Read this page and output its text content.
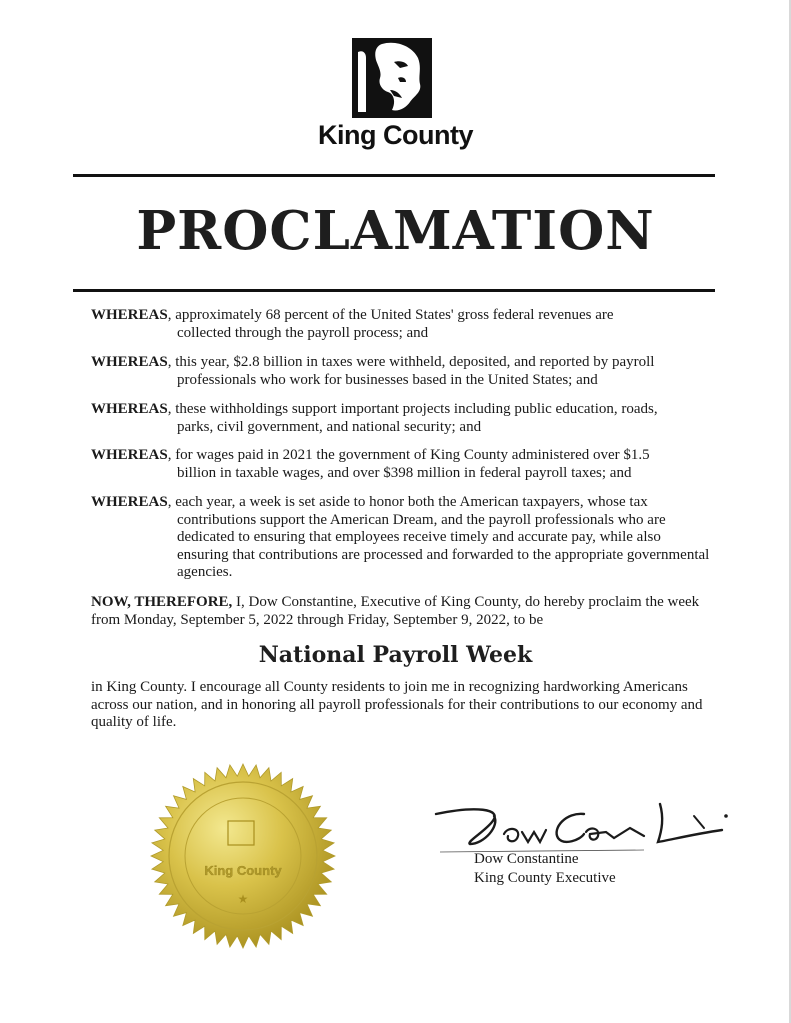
King County
PROCLAMATION
WHEREAS, approximately 68 percent of the United States' gross federal revenues are
collected through the payroll process; and
WHEREAS, this year, $2.8 billion in taxes were withheld, deposited, and reported by payroll
professionals who work for businesses based in the United States; and
WHEREAS, these withholdings support important projects including public education, roads,
parks, civil government, and national security; and
WHEREAS, for wages paid in 2021 the government of King County administered over $1.5
billion in taxable wages, and over $398 million in federal payroll taxes; and
WHEREAS, each year, a week is set aside to honor both the American taxpayers, whose tax
contributions support the American Dream, and the payroll professionals who are dedicated to ensuring that employees receive timely and accurate pay, while also ensuring that contributions are processed and forwarded to the appropriate governmental agencies.
NOW, THEREFORE, I, Dow Constantine, Executive of King County, do hereby proclaim the week from Monday, September 5, 2022 through Friday, September 9, 2022, to be
National Payroll Week
in King County. I encourage all County residents to join me in recognizing hardworking Americans across our nation, and in honoring all payroll professionals for their contributions to our economy and quality of life.
King County
★
Dow Constantine
King County Executive
